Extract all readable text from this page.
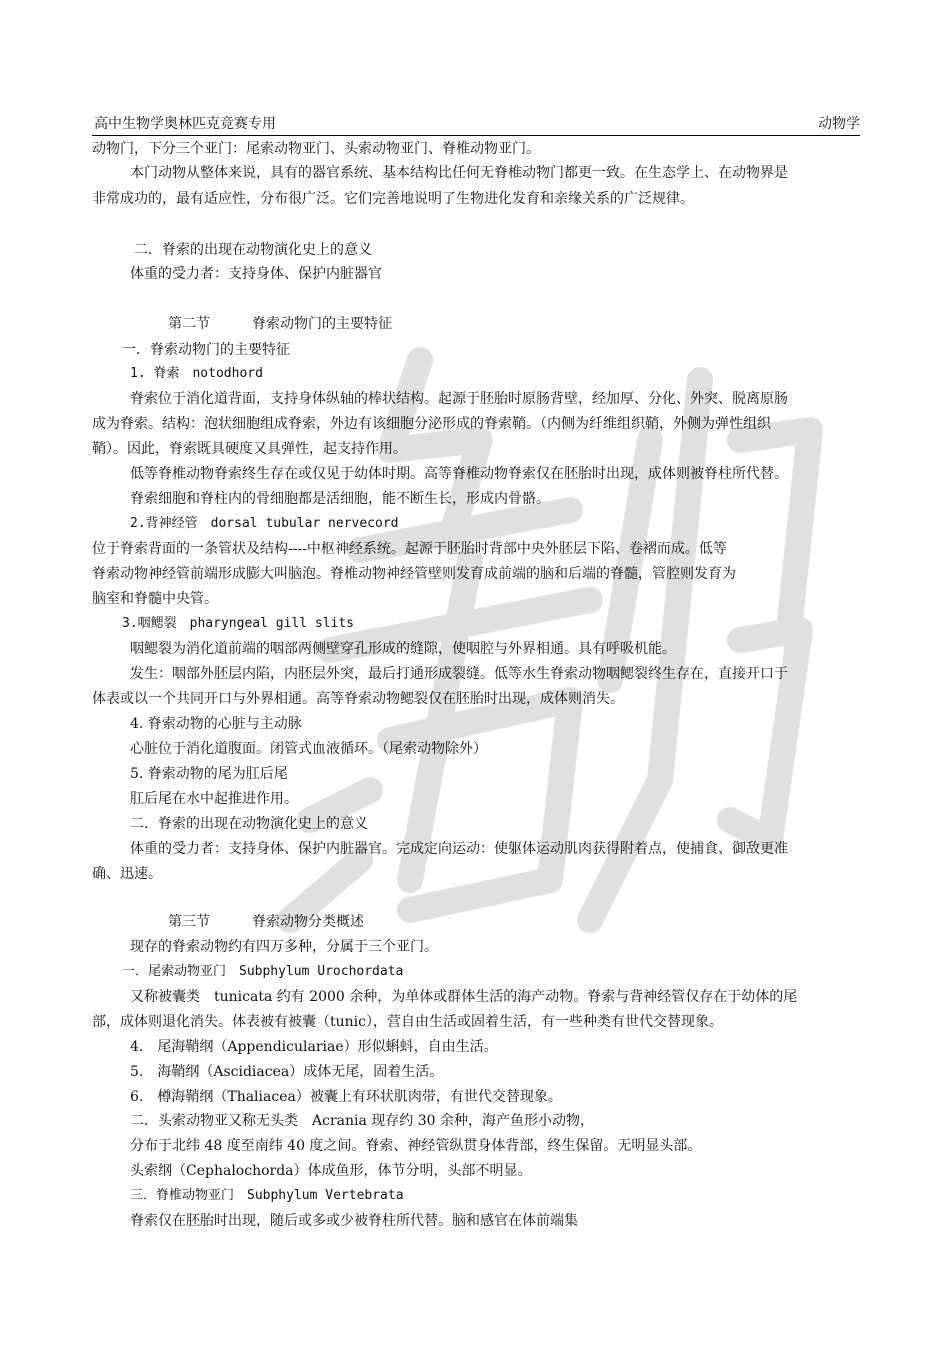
高中生物学奥林匹克竞赛专用	动物学
动物门，下分三个亚门：尾索动物亚门、头索动物亚门、脊椎动物亚门。
本门动物从整体来说，具有的器官系统、基本结构比任何无脊椎动物门都更一致。在生态学上、在动物界是
非常成功的，最有适应性，分布很广泛。它们完善地说明了生物进化发育和亲缘关系的广泛规律。
二．脊索的出现在动物演化史上的意义
体重的受力者：支持身体、保护内脏器官
第二节　　　脊索动物门的主要特征
一．脊索动物门的主要特征
1. 脊索　notodhord
脊索位于消化道背面，支持身体纵轴的棒状结构。起源于胚胎时原肠背壁，经加厚、分化、外突、脱离原肠
成为脊索。结构：泡状细胞组成脊索，外边有该细胞分泌形成的脊索鞘。（内侧为纤维组织鞘，外侧为弹性组织
鞘）。因此，脊索既具硬度又具弹性，起支持作用。
低等脊椎动物脊索终生存在或仅见于幼体时期。高等脊椎动物脊索仅在胚胎时出现，成体则被脊柱所代替。
脊索细胞和脊柱内的骨细胞都是活细胞，能不断生长，形成内骨骼。
2.背神经管　dorsal tubular nervecord
位于脊索背面的一条管状及结构----中枢神经系统。起源于胚胎时背部中央外胚层下陷、卷褶而成。低等
脊索动物神经管前端形成膨大叫脑泡。脊椎动物神经管壁则发育成前端的脑和后端的脊髓，管腔则发育为
脑室和脊髓中央管。
3.咽鳃裂　pharyngeal gill slits
咽鳃裂为消化道前端的咽部两侧壁穿孔形成的缝隙，使咽腔与外界相通。具有呼吸机能。
发生：咽部外胚层内陷，内胚层外突，最后打通形成裂缝。低等水生脊索动物咽鳃裂终生存在，直接开口于
体表或以一个共同开口与外界相通。高等脊索动物鳃裂仅在胚胎时出现，成体则消失。
4. 脊索动物的心脏与主动脉
心脏位于消化道腹面。闭管式血液循环。（尾索动物除外）
5. 脊索动物的尾为肛后尾
肛后尾在水中起推进作用。
二．脊索的出现在动物演化史上的意义
体重的受力者：支持身体、保护内脏器官。完成定向运动：使躯体运动肌肉获得附着点，使捕食、御敌更准
确、迅速。
第三节　　　脊索动物分类概述
现存的脊索动物约有四万多种，分属于三个亚门。
一．尾索动物亚门　Subphylum Urochordata
又称被囊类　tunicata 约有 2000 余种，为单体或群体生活的海产动物。脊索与背神经管仅存在于幼体的尾
部，成体则退化消失。体表被有被囊（tunic），营自由生活或固着生活，有一些种类有世代交替现象。
4.　尾海鞘纲（Appendiculariae）形似蝌蚪，自由生活。
5.　海鞘纲（Ascidiacea）成体无尾，固着生活。
6.　樽海鞘纲（Thaliacea）被囊上有环状肌肉带，有世代交替现象。
二．头索动物亚又称无头类　Acrania 现存约 30 余种，海产鱼形小动物，
分布于北纬 48 度至南纬 40 度之间。脊索、神经管纵贯身体背部，终生保留。无明显头部。
头索纲（Cephalochorda）体成鱼形，体节分明，头部不明显。
三．脊椎动物亚门　Subphylum Vertebrata
脊索仅在胚胎时出现，随后或多或少被脊柱所代替。脑和感官在体前端集
